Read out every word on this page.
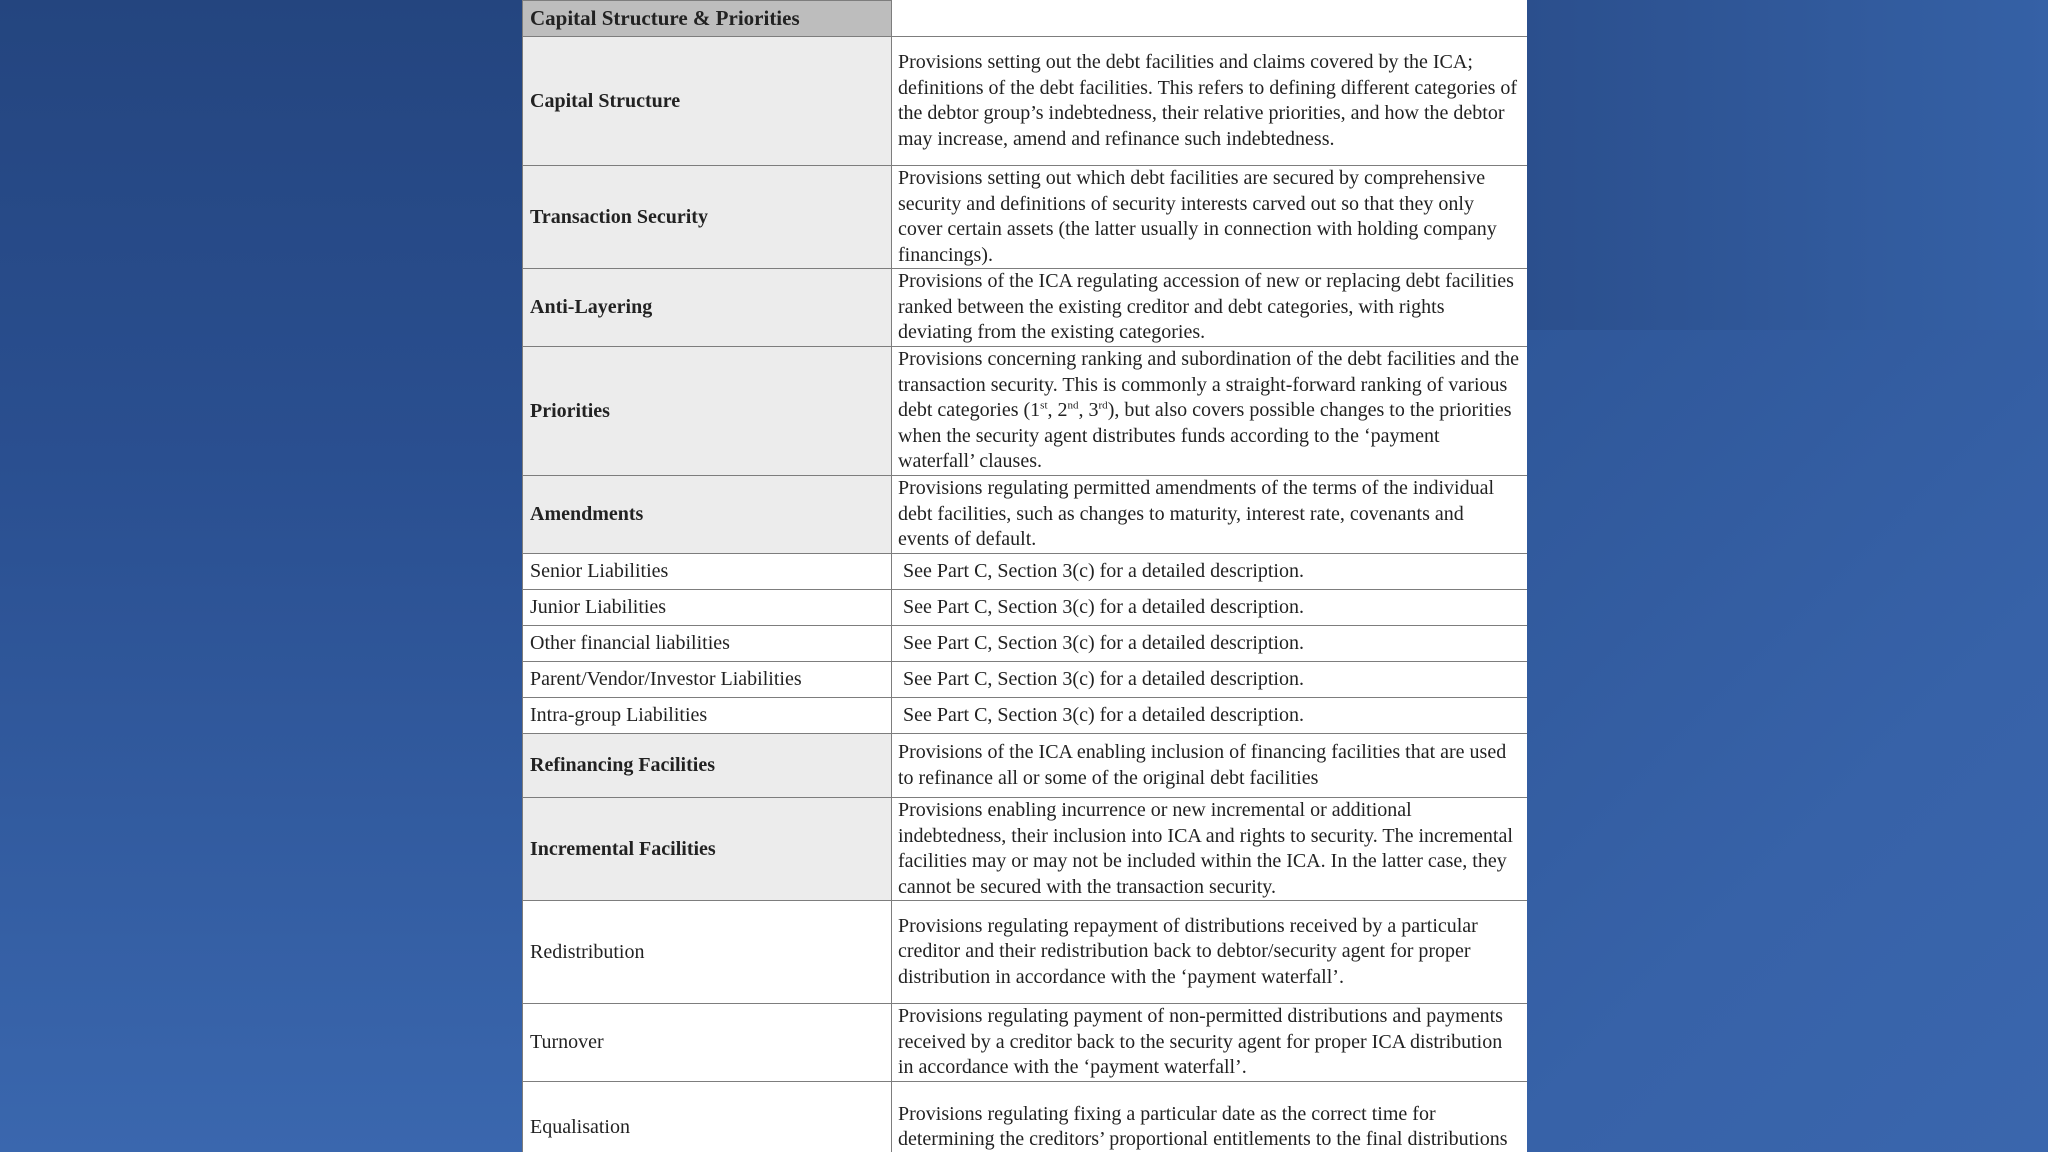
Capital Structure & Priorities	
Capital Structure	Provisions setting out the debt facilities and claims covered by the ICA; definitions of the debt facilities. This refers to defining different categories of the debtor group’s indebtedness, their relative priorities, and how the debtor may increase, amend and refinance such indebtedness.
Transaction Security	Provisions setting out which debt facilities are secured by comprehensive security and definitions of security interests carved out so that they only cover certain assets (the latter usually in connection with holding company financings).
Anti-Layering	Provisions of the ICA regulating accession of new or replacing debt facilities ranked between the existing creditor and debt categories, with rights deviating from the existing categories.
Priorities	Provisions concerning ranking and subordination of the debt facilities and the transaction security. This is commonly a straight-forward ranking of various debt categories (1st, 2nd, 3rd), but also covers possible changes to the priorities when the security agent distributes funds according to the ‘payment waterfall’ clauses.
Amendments	Provisions regulating permitted amendments of the terms of the individual debt facilities, such as changes to maturity, interest rate, covenants and events of default.
Senior Liabilities	See Part C, Section 3(c) for a detailed description.
Junior Liabilities	See Part C, Section 3(c) for a detailed description.
Other financial liabilities	See Part C, Section 3(c) for a detailed description.
Parent/Vendor/Investor Liabilities	See Part C, Section 3(c) for a detailed description.
Intra-group Liabilities	See Part C, Section 3(c) for a detailed description.
Refinancing Facilities	Provisions of the ICA enabling inclusion of financing facilities that are used to refinance all or some of the original debt facilities
Incremental Facilities	Provisions enabling incurrence or new incremental or additional indebtedness, their inclusion into ICA and rights to security. The incremental facilities may or may not be included within the ICA. In the latter case, they cannot be secured with the transaction security.
Redistribution	Provisions regulating repayment of distributions received by a particular creditor and their redistribution back to debtor/security agent for proper distribution in accordance with the ‘payment waterfall’.
Turnover	Provisions regulating payment of non-permitted distributions and payments received by a creditor back to the security agent for proper ICA distribution in accordance with the ‘payment waterfall’.
Equalisation	Provisions regulating fixing a particular date as the correct time for determining the creditors’ proportional entitlements to the final distributions
